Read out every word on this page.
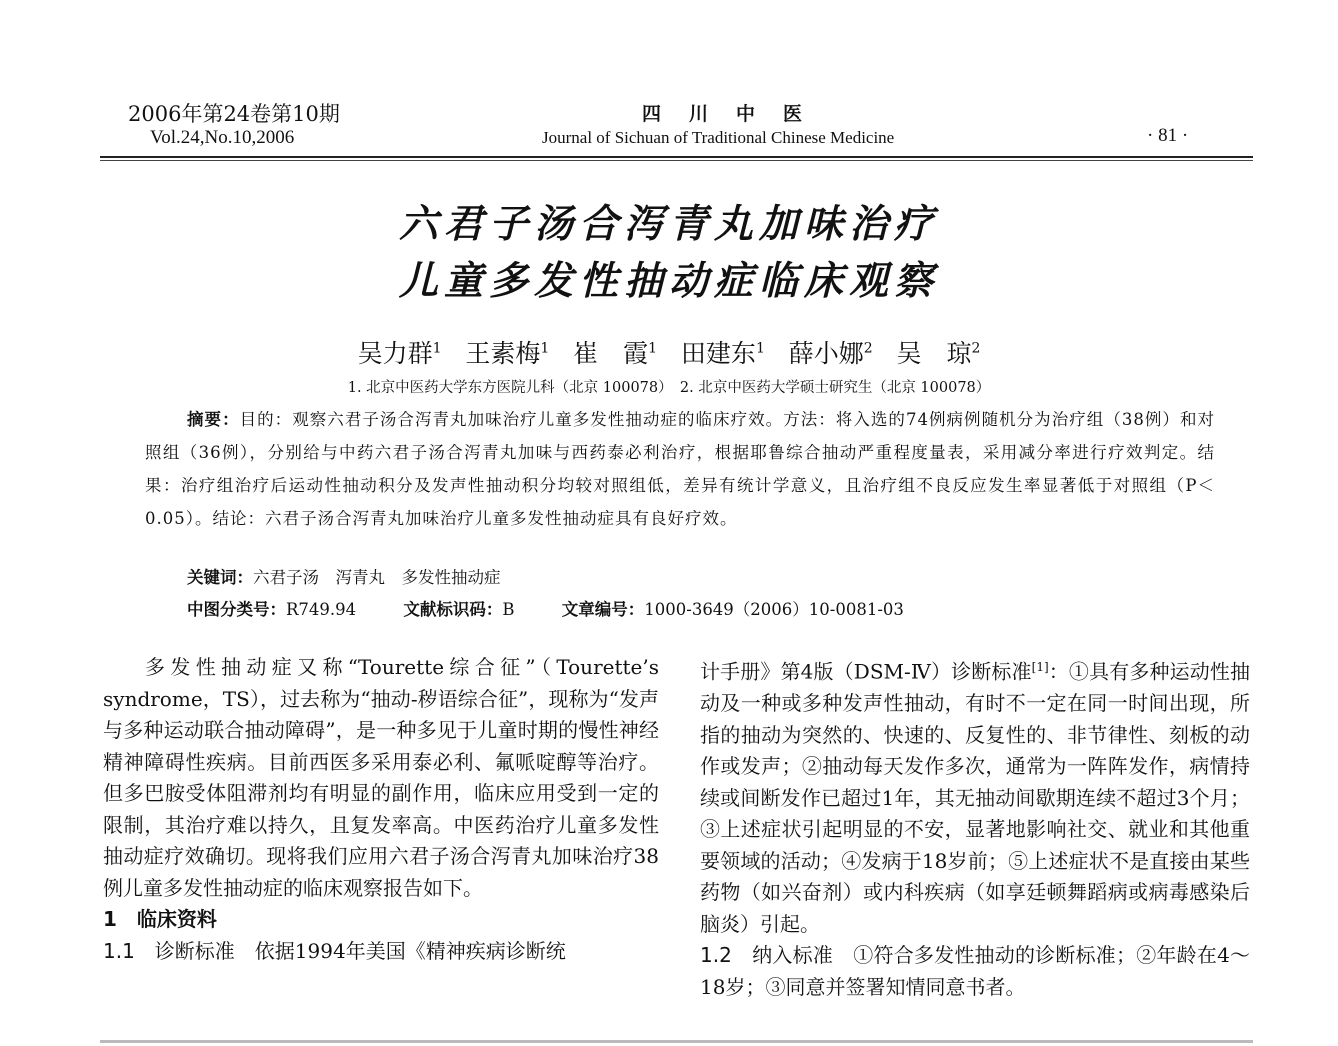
2006年第24卷第10期
Vol.24,No.10,2006
四川中医
Journal of Sichuan of Traditional Chinese Medicine	· 81 ·
六君子汤合泻青丸加味治疗
儿童多发性抽动症临床观察
吴力群$^1$ 王素梅$^1$ 崔　霞$^1$ 田建东$^1$ 薛小娜$^2$ 吴　琼$^2$
1. 北京中医药大学东方医院儿科（北京 100078）　2. 北京中医药大学硕士研究生（北京 100078）
摘要：目的：观察六君子汤合泻青丸加味治疗儿童多发性抽动症的临床疗效。方法：将入选的74例病例随机分为治疗组（38例）和对照组（36例），分别给与中药六君子汤合泻青丸加味与西药泰必利治疗，根据耶鲁综合抽动严重程度量表，采用减分率进行疗效判定。结果：治疗组治疗后运动性抽动积分及发声性抽动积分均较对照组低，差异有统计学意义，且治疗组不良反应发生率显著低于对照组（P＜0.05）。结论：六君子汤合泻青丸加味治疗儿童多发性抽动症具有良好疗效。
关键词：六君子汤　泻青丸　多发性抽动症
中图分类号：R749.94	文献标识码：B	文章编号：1000-3649（2006）10-0081-03

多发性抽动症又称“Tourette综合征”（Tourette’s syndrome，TS），过去称为“抽动-秽语综合征”，现称为“发声与多种运动联合抽动障碍”，是一种多见于儿童时期的慢性神经精神障碍性疾病。目前西医多采用泰必利、氟哌啶醇等治疗。但多巴胺受体阻滞剂均有明显的副作用，临床应用受到一定的限制，其治疗难以持久，且复发率高。中医药治疗儿童多发性抽动症疗效确切。现将我们应用六君子汤合泻青丸加味治疗38例儿童多发性抽动症的临床观察报告如下。

1　临床资料

1.1　诊断标准　依据1994年美国《精神疾病诊断统

计手册》第4版（DSM-Ⅳ）诊断标准[1]：①具有多种运动性抽动及一种或多种发声性抽动，有时不一定在同一时间出现，所指的抽动为突然的、快速的、反复性的、非节律性、刻板的动作或发声；②抽动每天发作多次，通常为一阵阵发作，病情持续或间断发作已超过1年，其无抽动间歇期连续不超过3个月；③上述症状引起明显的不安，显著地影响社交、就业和其他重要领域的活动；④发病于18岁前；⑤上述症状不是直接由某些药物（如兴奋剂）或内科疾病（如享廷顿舞蹈病或病毒感染后脑炎）引起。

1.2　纳入标准　①符合多发性抽动的诊断标准；②年龄在4～18岁；③同意并签署知情同意书者。
